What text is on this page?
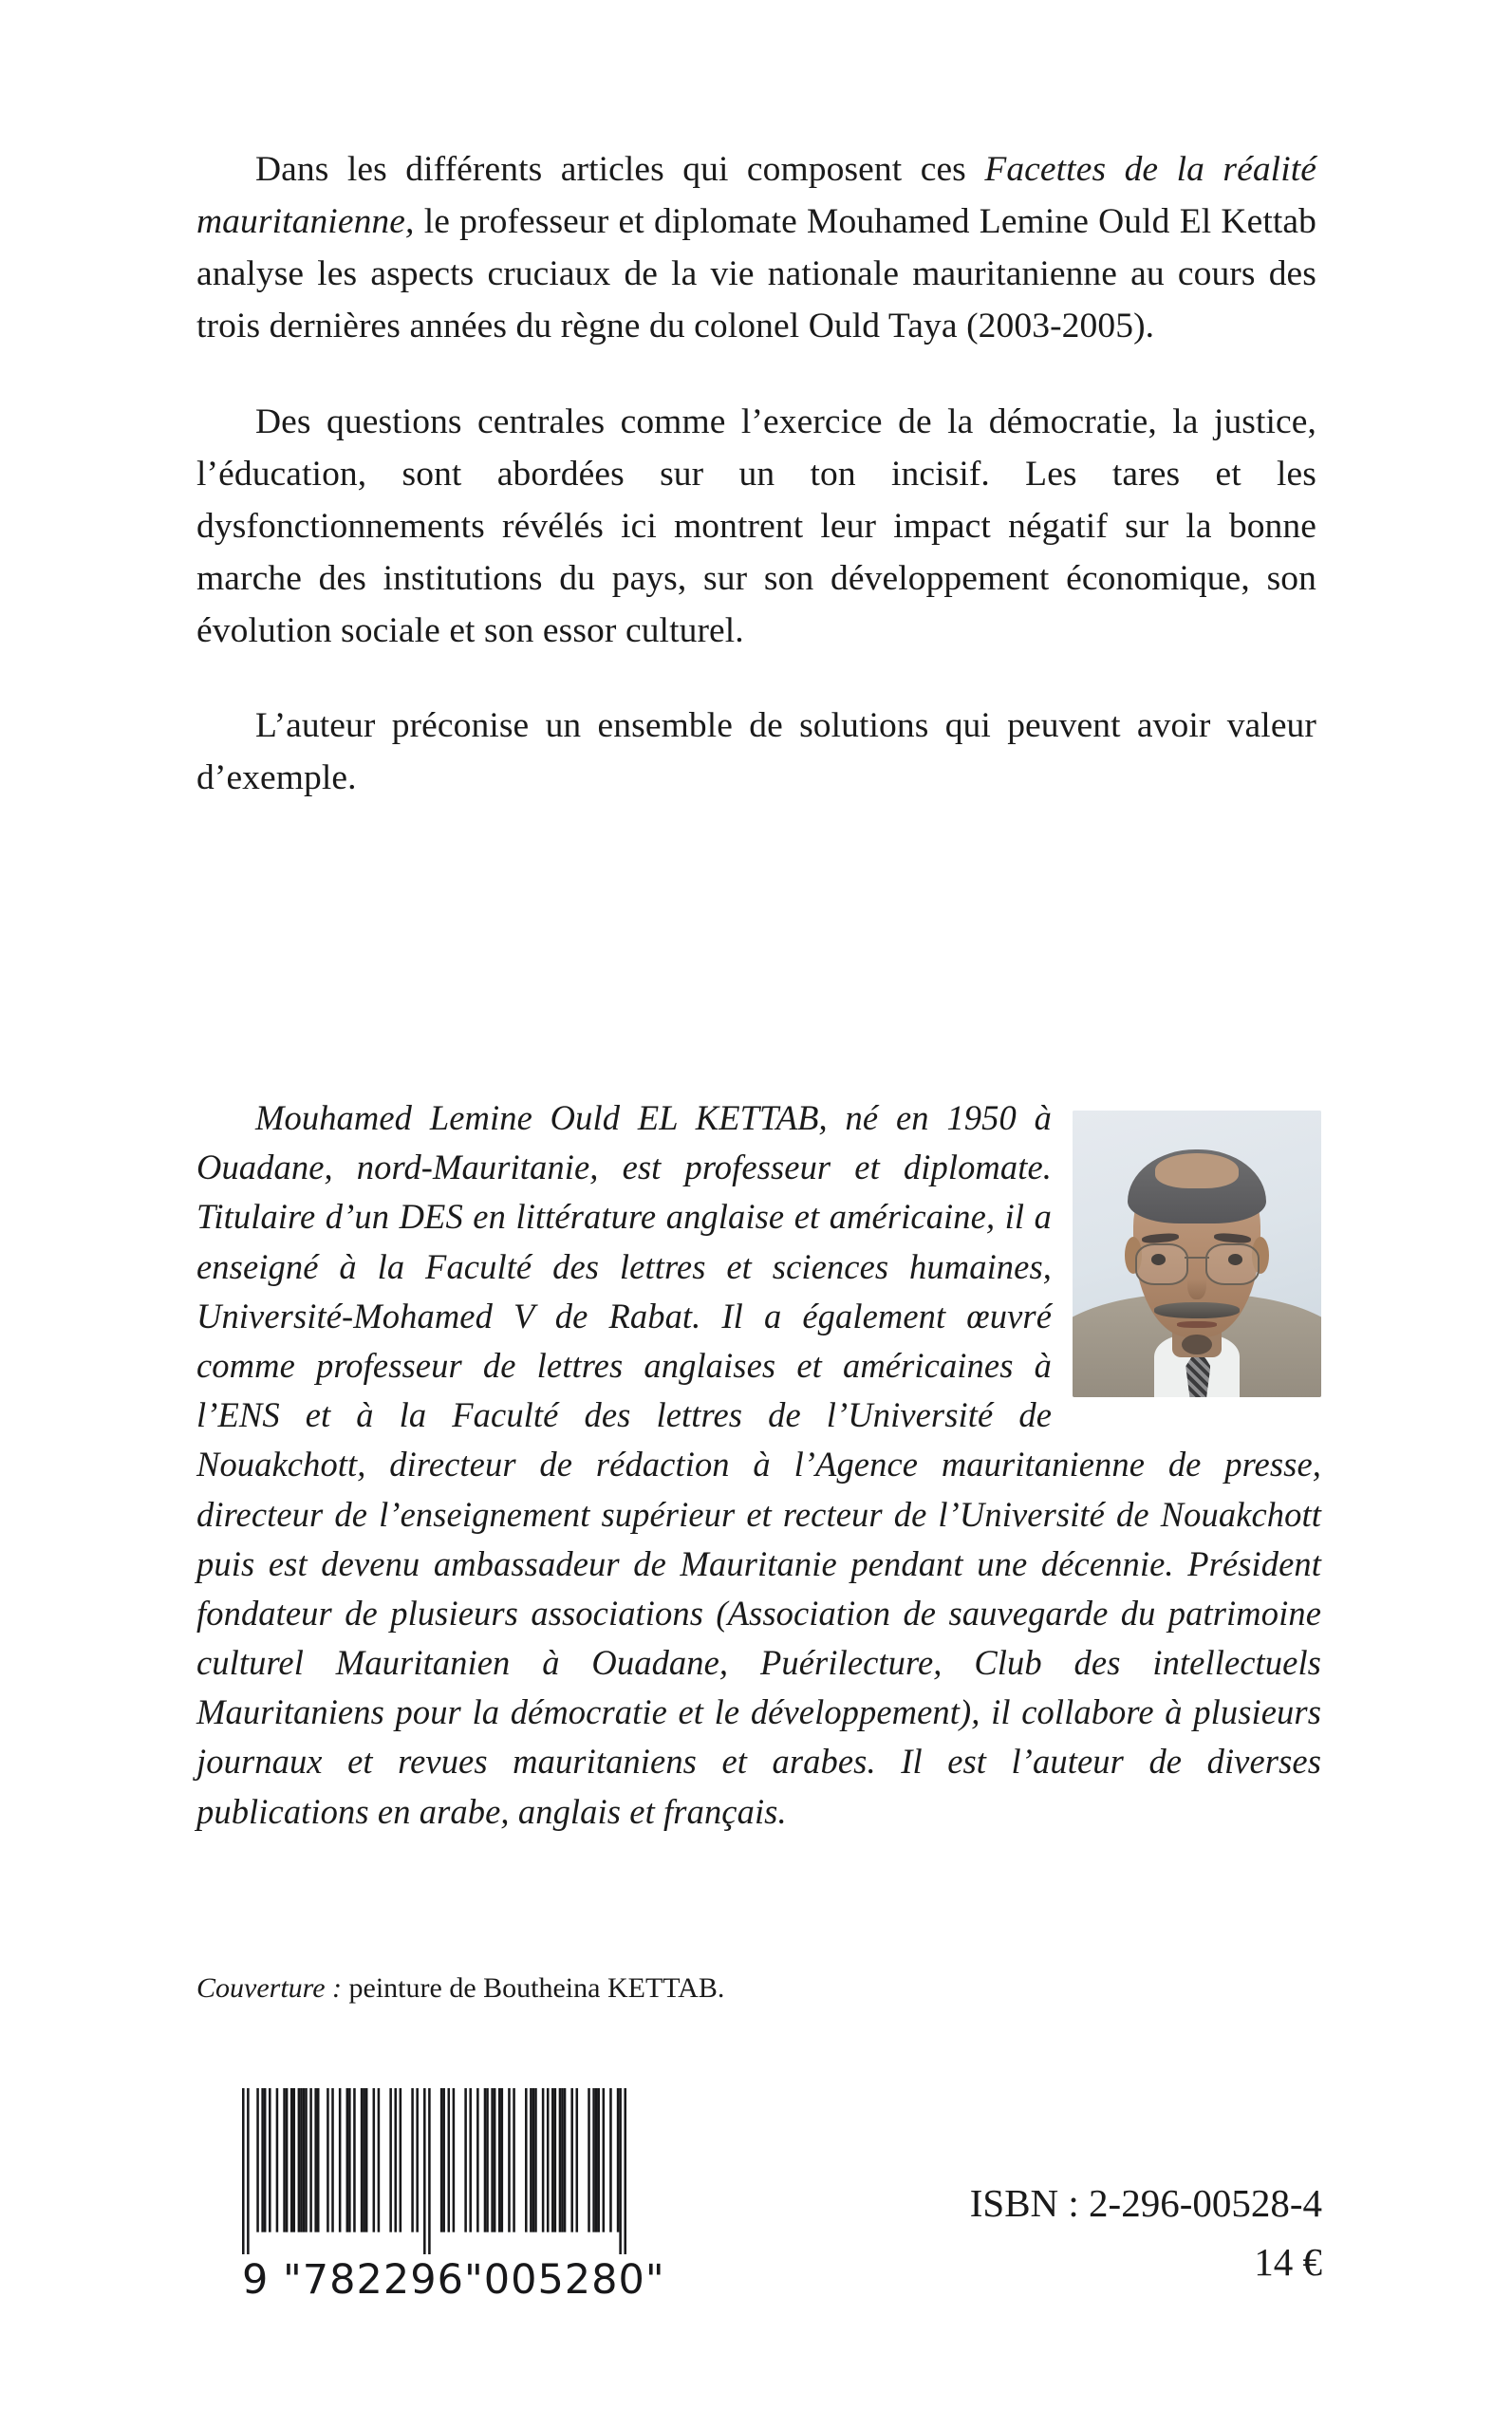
Dans les différents articles qui composent ces Facettes de la réalité mauritanienne, le professeur et diplomate Mouhamed Lemine Ould El Kettab analyse les aspects cruciaux de la vie nationale mauritanienne au cours des trois dernières années du règne du colonel Ould Taya (2003-2005).

Des questions centrales comme l’exercice de la démocratie, la justice, l’éducation, sont abordées sur un ton incisif. Les tares et les dysfonctionnements révélés ici montrent leur impact négatif sur la bonne marche des institutions du pays, sur son développement économique, son évolution sociale et son essor culturel.

L’auteur préconise un ensemble de solutions qui peuvent avoir valeur d’exemple.

Mouhamed Lemine Ould EL KETTAB, né en 1950 à Ouadane, nord-Mauritanie, est professeur et diplomate. Titulaire d’un DES en littérature anglaise et américaine, il a enseigné à la Faculté des lettres et sciences humaines, Université-Mohamed V de Rabat. Il a également œuvré comme professeur de lettres anglaises et américaines à l’ENS et à la Faculté des lettres de l’Université de Nouakchott, directeur de rédaction à l’Agence mauritanienne de presse, directeur de l’enseignement supérieur et recteur de l’Université de Nouakchott puis est devenu ambassadeur de Mauritanie pendant une décennie. Président fondateur de plusieurs associations (Association de sauvegarde du patrimoine culturel Mauritanien à Ouadane, Puérilecture, Club des intellectuels Mauritaniens pour la démocratie et le développement), il collabore à plusieurs journaux et revues mauritaniens et arabes. Il est l’auteur de diverses publications en arabe, anglais et français.

Couverture : peinture de Boutheina KETTAB.
9 "782296"005280"
ISBN : 2-296-00528-4
14 €
